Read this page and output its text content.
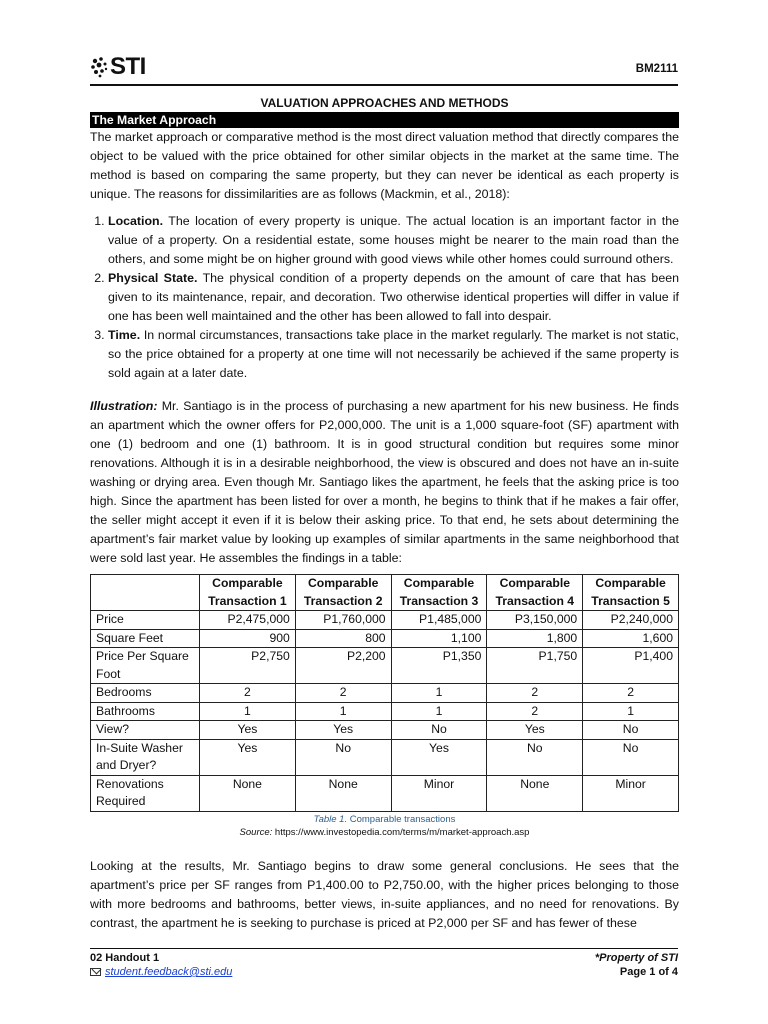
STI	BM2111
VALUATION APPROACHES AND METHODS
The Market Approach

The market approach or comparative method is the most direct valuation method that directly compares the object to be valued with the price obtained for other similar objects in the market at the same time. The method is based on comparing the same property, but they can never be identical as each property is unique. The reasons for dissimilarities are as follows (Mackmin, et al., 2018):

1. Location. The location of every property is unique. The actual location is an important factor in the value of a property. On a residential estate, some houses might be nearer to the main road than the others, and some might be on higher ground with good views while other homes could surround others.
2. Physical State. The physical condition of a property depends on the amount of care that has been given to its maintenance, repair, and decoration. Two otherwise identical properties will differ in value if one has been well maintained and the other has been allowed to fall into despair.
3. Time. In normal circumstances, transactions take place in the market regularly. The market is not static, so the price obtained for a property at one time will not necessarily be achieved if the same property is sold again at a later date.

Illustration: Mr. Santiago is in the process of purchasing a new apartment for his new business. He finds an apartment which the owner offers for P2,000,000. The unit is a 1,000 square-foot (SF) apartment with one (1) bedroom and one (1) bathroom. It is in good structural condition but requires some minor renovations. Although it is in a desirable neighborhood, the view is obscured and does not have an in-suite washing or drying area. Even though Mr. Santiago likes the apartment, he feels that the asking price is too high. Since the apartment has been listed for over a month, he begins to think that if he makes a fair offer, the seller might accept it even if it is below their asking price. To that end, he sets about determining the apartment’s fair market value by looking up examples of similar apartments in the same neighborhood that were sold last year. He assembles the findings in a table:

	Comparable Transaction 1	Comparable Transaction 2	Comparable Transaction 3	Comparable Transaction 4	Comparable Transaction 5
Price	P2,475,000	P1,760,000	P1,485,000	P3,150,000	P2,240,000
Square Feet	900	800	1,100	1,800	1,600
Price Per Square Foot	P2,750	P2,200	P1,350	P1,750	P1,400
Bedrooms	2	2	1	2	2
Bathrooms	1	1	1	2	1
View?	Yes	Yes	No	Yes	No
In-Suite Washer and Dryer?	Yes	No	Yes	No	No
Renovations Required	None	None	Minor	None	Minor
Table 1. Comparable transactions
Source: https://www.investopedia.com/terms/m/market-approach.asp

Looking at the results, Mr. Santiago begins to draw some general conclusions. He sees that the apartment’s price per SF ranges from P1,400.00 to P2,750.00, with the higher prices belonging to those with more bedrooms and bathrooms, better views, in-suite appliances, and no need for renovations. By contrast, the apartment he is seeking to purchase is priced at P2,000 per SF and has fewer of these

02 Handout 1
student.feedback@sti.edu
*Property of STI
Page 1 of 4
